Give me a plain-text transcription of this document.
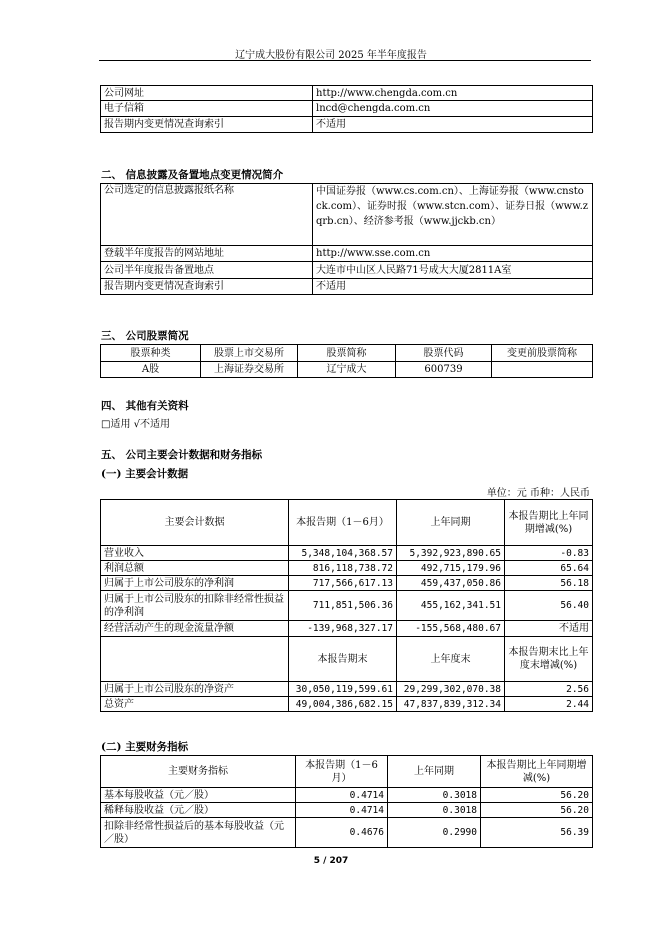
辽宁成大股份有限公司 2025 年半年度报告
公司网址	http://www.chengda.com.cn
电子信箱	lncd@chengda.com.cn
报告期内变更情况查询索引	不适用
二、 信息披露及备置地点变更情况简介
公司选定的信息披露报纸名称	中国证券报（www.cs.com.cn）、上海证券报（www.cnstock.com）、证券时报（www.stcn.com）、证券日报（www.zqrb.cn）、经济参考报（www.jjckb.cn）
登载半年度报告的网站地址	http://www.sse.com.cn
公司半年度报告备置地点	大连市中山区人民路71号成大大厦2811A室
报告期内变更情况查询索引	不适用
三、 公司股票简况
股票种类	股票上市交易所	股票简称	股票代码	变更前股票简称
A股	上海证券交易所	辽宁成大	600739	
四、 其他有关资料
□适用 √不适用
五、 公司主要会计数据和财务指标
(一) 主要会计数据
单位：元 币种：人民币
主要会计数据	本报告期（1－6月）	上年同期	本报告期比上年同期增减(%)
营业收入	5,348,104,368.57	5,392,923,890.65	-0.83
利润总额	816,118,738.72	492,715,179.96	65.64
归属于上市公司股东的净利润	717,566,617.13	459,437,050.86	56.18
归属于上市公司股东的扣除非经常性损益的净利润	711,851,506.36	455,162,341.51	56.40
经营活动产生的现金流量净额	-139,968,327.17	-155,568,480.67	不适用
	本报告期末	上年度末	本报告期末比上年度末增减(%)
归属于上市公司股东的净资产	30,050,119,599.61	29,299,302,070.38	2.56
总资产	49,004,386,682.15	47,837,839,312.34	2.44
(二) 主要财务指标
主要财务指标	本报告期（1－6月）	上年同期	本报告期比上年同期增减(%)
基本每股收益（元／股）	0.4714	0.3018	56.20
稀释每股收益（元／股）	0.4714	0.3018	56.20
扣除非经常性损益后的基本每股收益（元／股）	0.4676	0.2990	56.39
5 / 207
